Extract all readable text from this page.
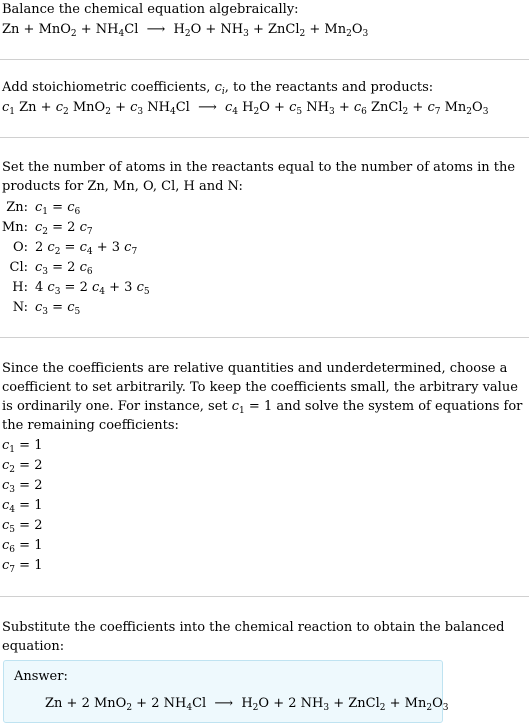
Balance the chemical equation algebraically:
$Zn + MnO_2 + NH_4Cl$  ⟶  $H_2O + NH_3$ + ZnCl$_2$ + $Mn_2O_3$
Add stoichiometric coefficients, $c_i$, to the reactants and products:
$c_1$ $Zn + c_2$ $MnO_2 + c_3$ $NH_4Cl$  ⟶  $c_4$ $H_2O + c_5$ $NH_3 + c_6$ ZnCl$_2$ + $c_7$ $Mn_2O_3$
Set the number of atoms in the reactants equal to the number of atoms in the products for Zn, Mn, O, Cl, H and N:
Zn: $c_1 = c_6$
Mn: $c_2 = 2$ $c_7$
O: 2 $c_2 = c_4 + 3$ $c_7$
Cl: $c_3 = 2$ $c_6$
H: 4 $c_3 = 2$ $c_4 + 3$ $c_5$
N: $c_3 = c_5$
Since the coefficients are relative quantities and underdetermined, choose a coefficient to set arbitrarily. To keep the coefficients small, the arbitrary value is ordinarily one. For instance, set $c_1 = 1$ and solve the system of equations for the remaining coefficients:
$c_1 = 1$
$c_2 = 2$
$c_3 = 2$
$c_4 = 1$
$c_5 = 2$
$c_6 = 1$
$c_7 = 1$
Substitute the coefficients into the chemical reaction to obtain the balanced equation:
Answer:
Zn + 2 MnO$_2$ + 2 $NH_4Cl$  ⟶  $H_2O + 2$ $NH_3$ + ZnCl$_2$ + $Mn_2O_3$
